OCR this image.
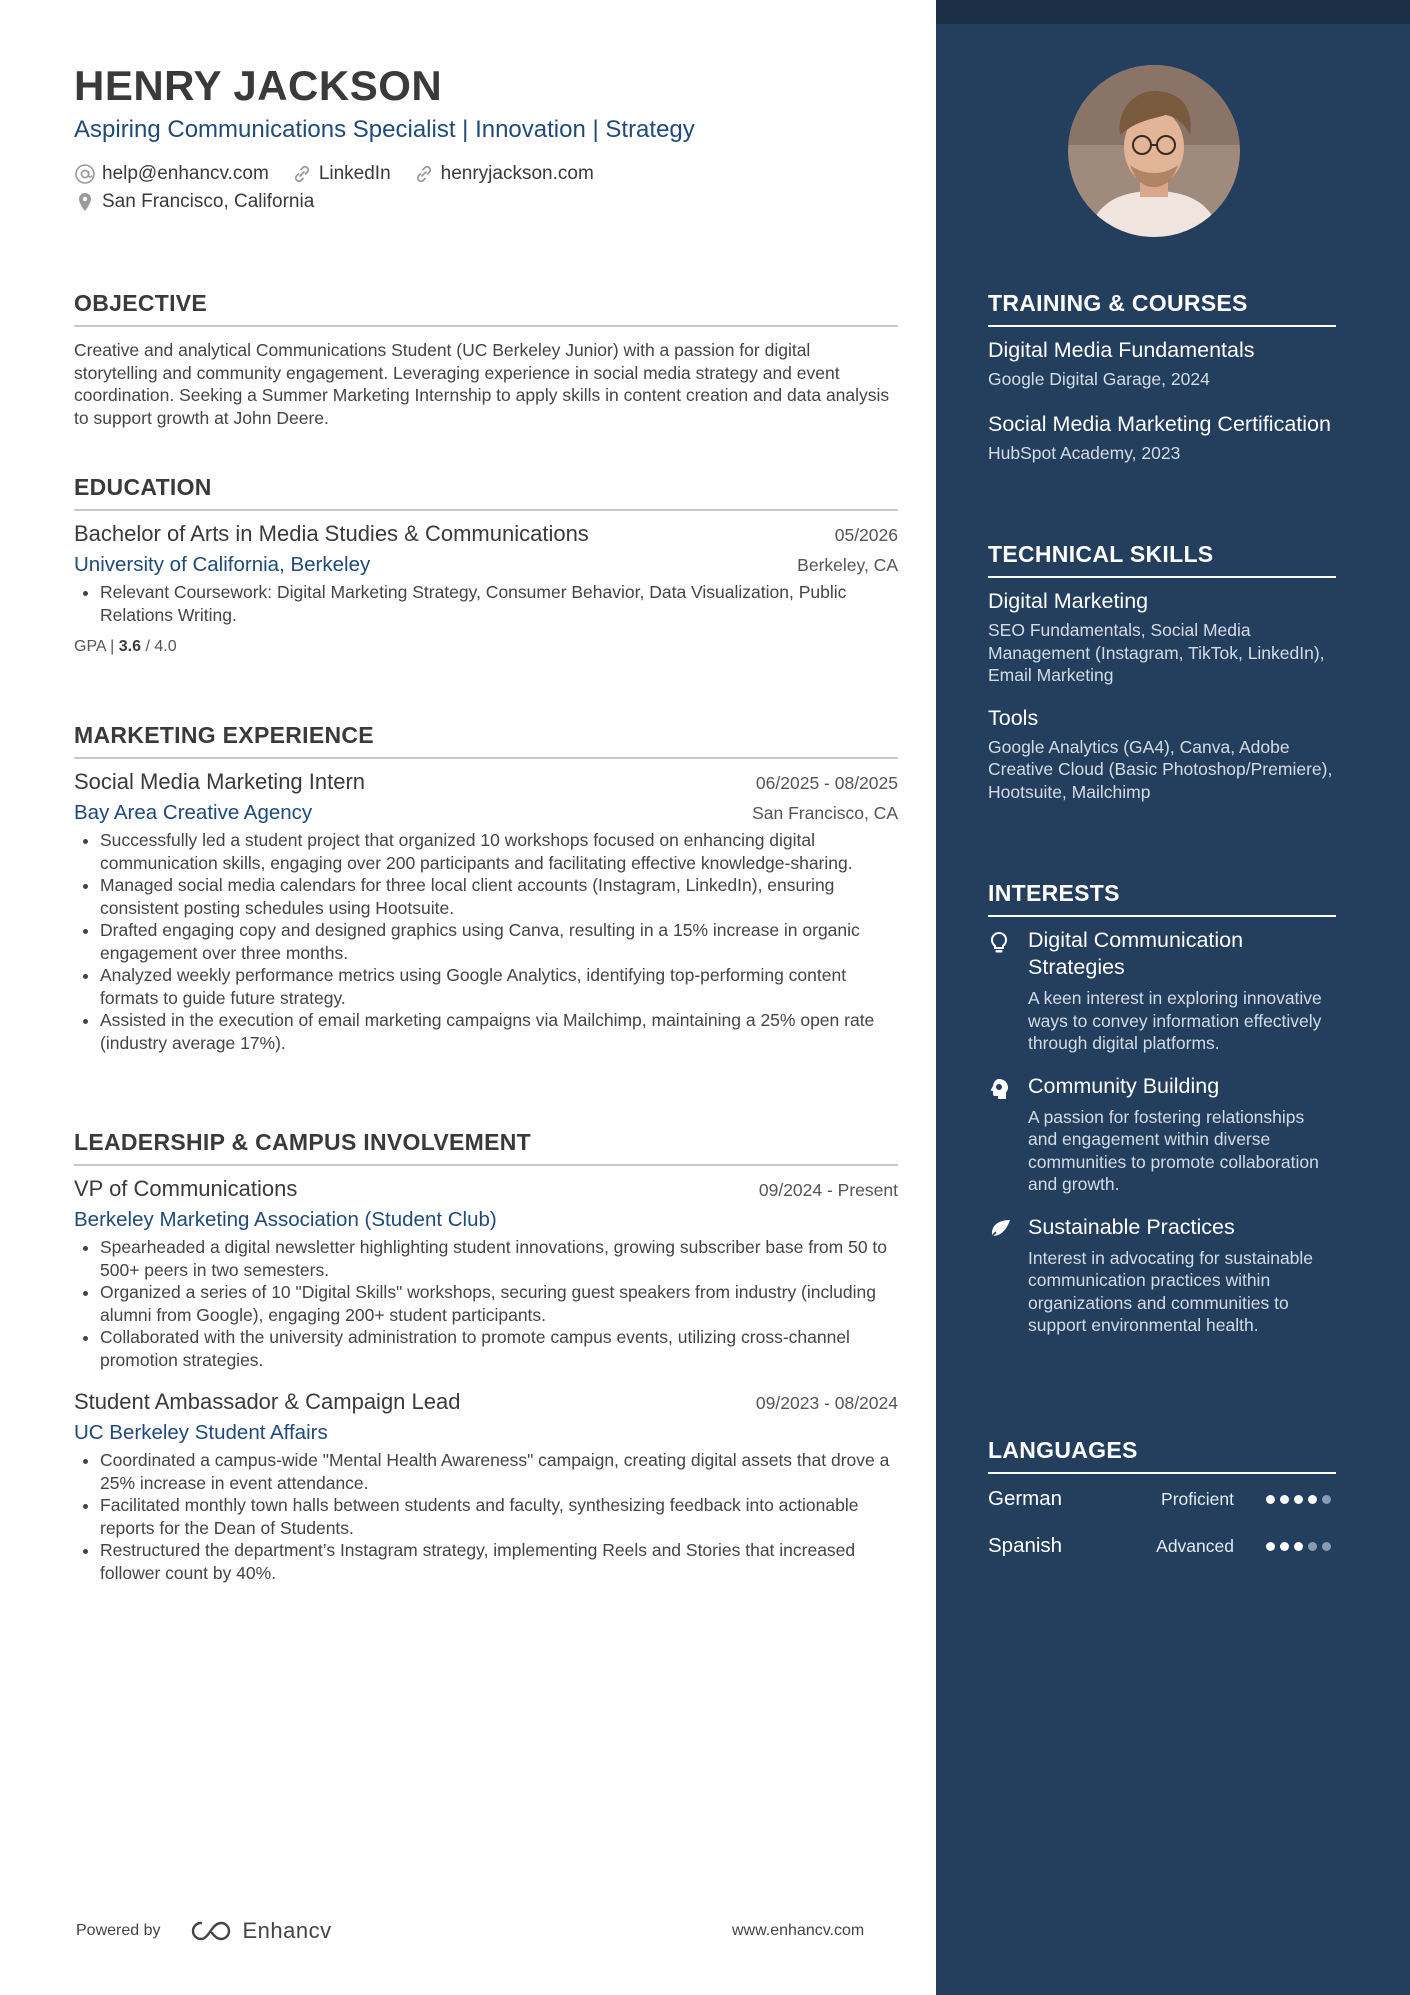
HENRY JACKSON
Aspiring Communications Specialist | Innovation | Strategy
help@enhancv.com	LinkedIn	henryjackson.com
San Francisco, California
OBJECTIVE

Creative and analytical Communications Student (UC Berkeley Junior) with a passion for digital storytelling and community engagement. Leveraging experience in social media strategy and event coordination. Seeking a Summer Marketing Internship to apply skills in content creation and data analysis to support growth at John Deere.

EDUCATION
Bachelor of Arts in Media Studies & Communications	05/2026
University of California, Berkeley	Berkeley, CA
• Relevant Coursework: Digital Marketing Strategy, Consumer Behavior, Data Visualization, Public Relations Writing.
GPA | 3.6 / 4.0
MARKETING EXPERIENCE
Social Media Marketing Intern	06/2025 - 08/2025
Bay Area Creative Agency	San Francisco, CA
• Successfully led a student project that organized 10 workshops focused on enhancing digital communication skills, engaging over 200 participants and facilitating effective knowledge-sharing.
• Managed social media calendars for three local client accounts (Instagram, LinkedIn), ensuring consistent posting schedules using Hootsuite.
• Drafted engaging copy and designed graphics using Canva, resulting in a 15% increase in organic engagement over three months.
• Analyzed weekly performance metrics using Google Analytics, identifying top-performing content formats to guide future strategy.
• Assisted in the execution of email marketing campaigns via Mailchimp, maintaining a 25% open rate (industry average 17%).
LEADERSHIP & CAMPUS INVOLVEMENT
VP of Communications	09/2024 - Present
Berkeley Marketing Association (Student Club)
• Spearheaded a digital newsletter highlighting student innovations, growing subscriber base from 50 to 500+ peers in two semesters.
• Organized a series of 10 "Digital Skills" workshops, securing guest speakers from industry (including alumni from Google), engaging 200+ student participants.
• Collaborated with the university administration to promote campus events, utilizing cross-channel promotion strategies.
Student Ambassador & Campaign Lead	09/2023 - 08/2024
UC Berkeley Student Affairs
• Coordinated a campus-wide "Mental Health Awareness" campaign, creating digital assets that drove a 25% increase in event attendance.
• Facilitated monthly town halls between students and faculty, synthesizing feedback into actionable reports for the Dean of Students.
• Restructured the department’s Instagram strategy, implementing Reels and Stories that increased follower count by 40%.
Powered by	Enhancv	www.enhancv.com
TRAINING & COURSES
Digital Media Fundamentals
Google Digital Garage, 2024
Social Media Marketing Certification
HubSpot Academy, 2023
TECHNICAL SKILLS
Digital Marketing
SEO Fundamentals, Social Media Management (Instagram, TikTok, LinkedIn), Email Marketing
Tools
Google Analytics (GA4), Canva, Adobe Creative Cloud (Basic Photoshop/Premiere), Hootsuite, Mailchimp
INTERESTS
Digital Communication Strategies
A keen interest in exploring innovative ways to convey information effectively through digital platforms.
Community Building
A passion for fostering relationships and engagement within diverse communities to promote collaboration and growth.
Sustainable Practices
Interest in advocating for sustainable communication practices within organizations and communities to support environmental health.
LANGUAGES
German	Proficient
Spanish	Advanced
